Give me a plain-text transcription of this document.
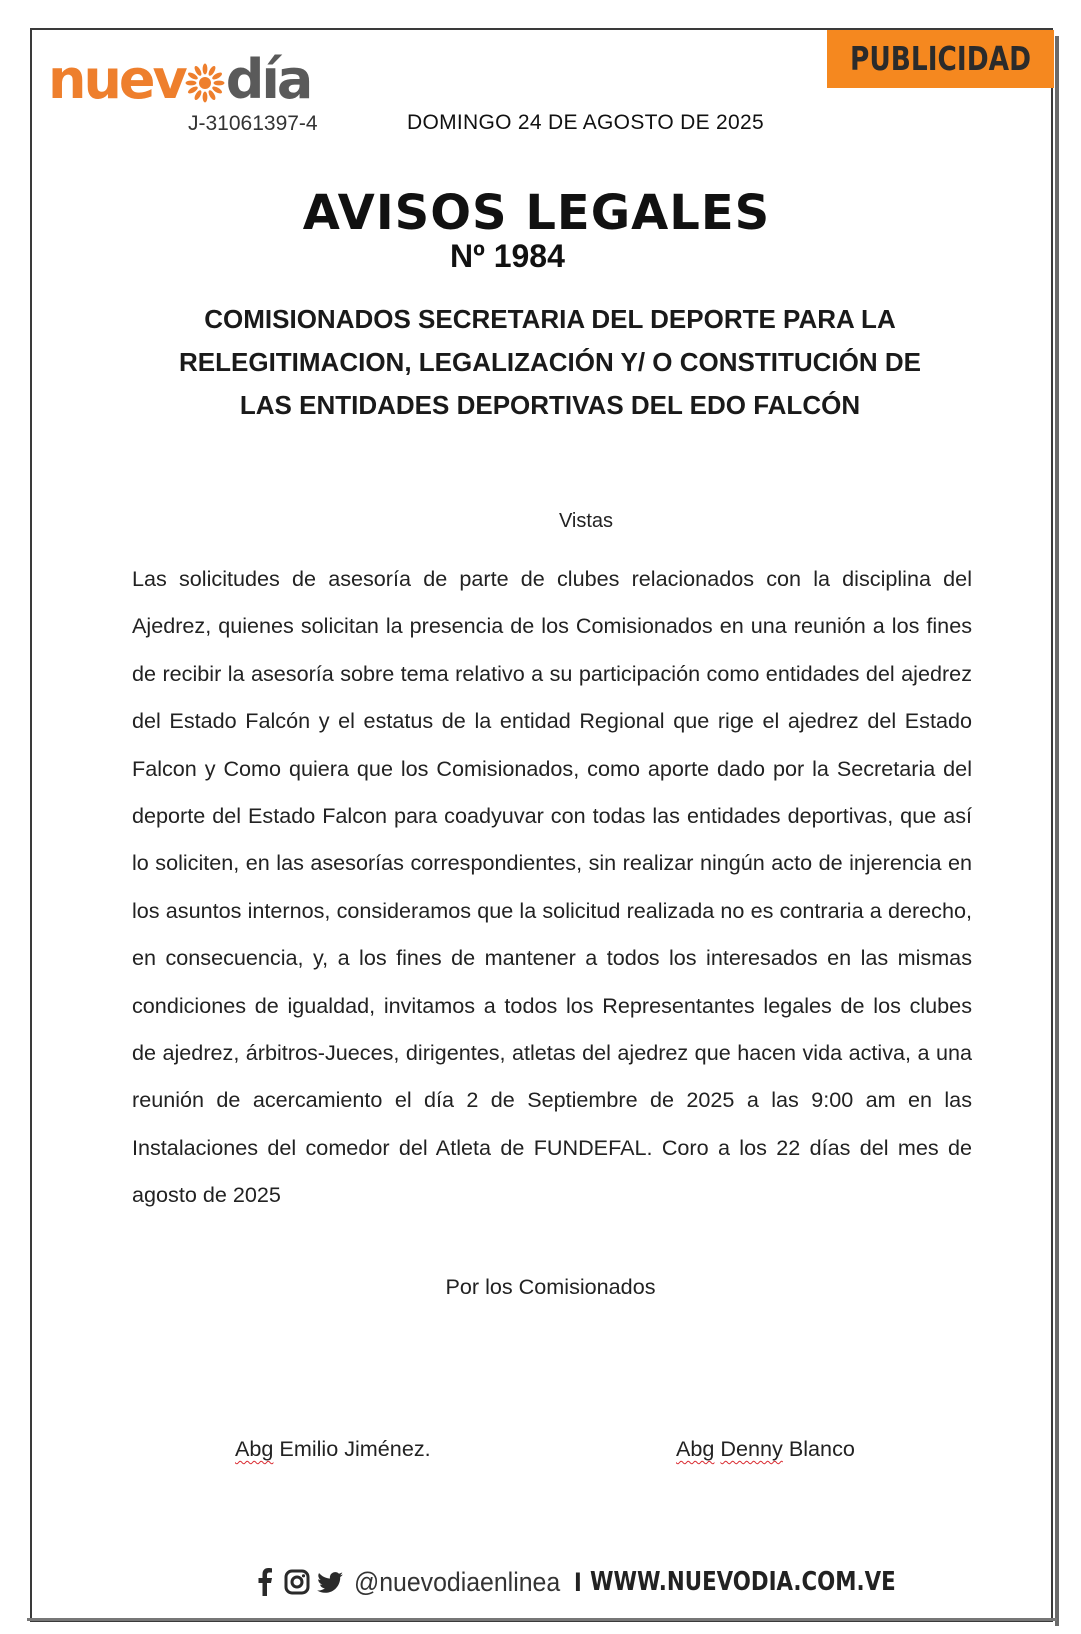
nuev día
J-31061397-4	DOMINGO 24 DE AGOSTO DE 2025
PUBLICIDAD
AVISOS LEGALES
Nº 1984
COMISIONADOS SECRETARIA DEL DEPORTE PARA LA RELEGITIMACION, LEGALIZACIÓN Y/ O CONSTITUCIÓN DE LAS ENTIDADES DEPORTIVAS DEL EDO FALCÓN
Vistas
Las solicitudes de asesoría de parte de clubes relacionados con la disciplina del Ajedrez, quienes solicitan la presencia de los Comisionados en una reunión a los fines de recibir la asesoría sobre tema relativo a su participación como entidades del ajedrez del Estado Falcón y el estatus de la entidad Regional que rige el ajedrez del Estado Falcon y Como quiera que los Comisionados, como aporte dado por la Secretaria del deporte del Estado Falcon para coadyuvar con todas las entidades deportivas, que así lo soliciten, en las asesorías correspondientes, sin realizar ningún acto de injerencia en los asuntos internos, consideramos que la solicitud realizada no es contraria a derecho, en consecuencia, y, a los fines de mantener a todos los interesados en las mismas condiciones de igualdad, invitamos a todos los Representantes legales de los clubes de ajedrez, árbitros-Jueces, dirigentes, atletas del ajedrez que hacen vida activa, a una reunión de acercamiento el día 2 de Septiembre de 2025 a las 9:00 am en las Instalaciones del comedor del Atleta de FUNDEFAL. Coro a los 22 días del mes de agosto de 2025
Por los Comisionados
Abg Emilio Jiménez.	Abg Denny Blanco
@nuevodiaenlinea I WWW.NUEVODIA.COM.VE
